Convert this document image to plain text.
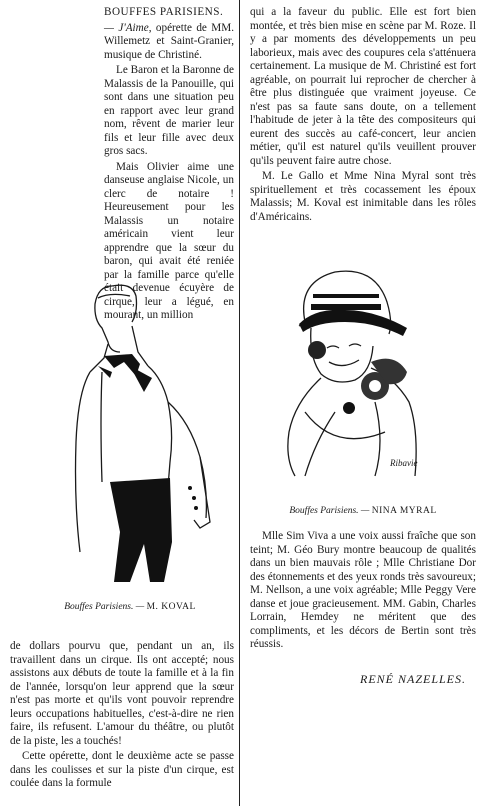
BOUFFES PARISIENS.

— J'Aime, opérette de MM. Willemetz et Saint-Granier, musique de Christiné.

Le Baron et la Baronne de Malassis de la Panouille, qui sont dans une situation peu en rapport avec leur grand nom, rêvent de marier leur fils et leur fille avec deux gros sacs.

Mais Olivier aime une danseuse anglaise Nicole, un clerc de notaire ! Heureusement pour les Malassis un notaire américain vient leur apprendre que la sœur du baron, qui avait été reniée par la famille parce qu'elle était devenue écuyère de cirque, leur a légué, en mourant, un million

Bouffes Parisiens. — M. KOVAL

de dollars pourvu que, pendant un an, ils travaillent dans un cirque. Ils ont accepté; nous assistons aux débuts de toute la famille et à la fin de l'année, lorsqu'on leur apprend que la sœur n'est pas morte et qu'ils vont pouvoir reprendre leurs occupations habituelles, c'est-à-dire ne rien faire, ils refusent. L'amour du théâtre, ou plutôt de la piste, les a touchés!

Cette opérette, dont le deuxième acte se passe dans les coulisses et sur la piste d'un cirque, est coulée dans la formule

qui a la faveur du public. Elle est fort bien montée, et très bien mise en scène par M. Roze. Il y a par moments des développements un peu laborieux, mais avec des coupures cela s'atténuera certainement. La musique de M. Christiné est fort agréable, on pourrait lui reprocher de chercher à être plus distinguée que vraiment joyeuse. Ce n'est pas sa faute sans doute, on a tellement l'habitude de jeter à la tête des compositeurs qui eurent des succès au café-concert, leur ancien métier, qu'il est naturel qu'ils veuillent prouver qu'ils peuvent faire autre chose.

M. Le Gallo et Mme Nina Myral sont très spirituellement et très cocassement les époux Malassis; M. Koval est inimitable dans les rôles d'Américains.

Ribavie
Bouffes Parisiens. — NINA MYRAL

Mlle Sim Viva a une voix aussi fraîche que son teint; M. Géo Bury montre beaucoup de qualités dans un bien mauvais rôle ; Mlle Christiane Dor des étonnements et des yeux ronds très savoureux; M. Nellson, a une voix agréable; Mlle Peggy Vere danse et joue gracieusement. MM. Gabin, Charles Lorrain, Hemdey ne méritent que des compliments, et les décors de Bertin sont très réussis.

RENÉ NAZELLES.
